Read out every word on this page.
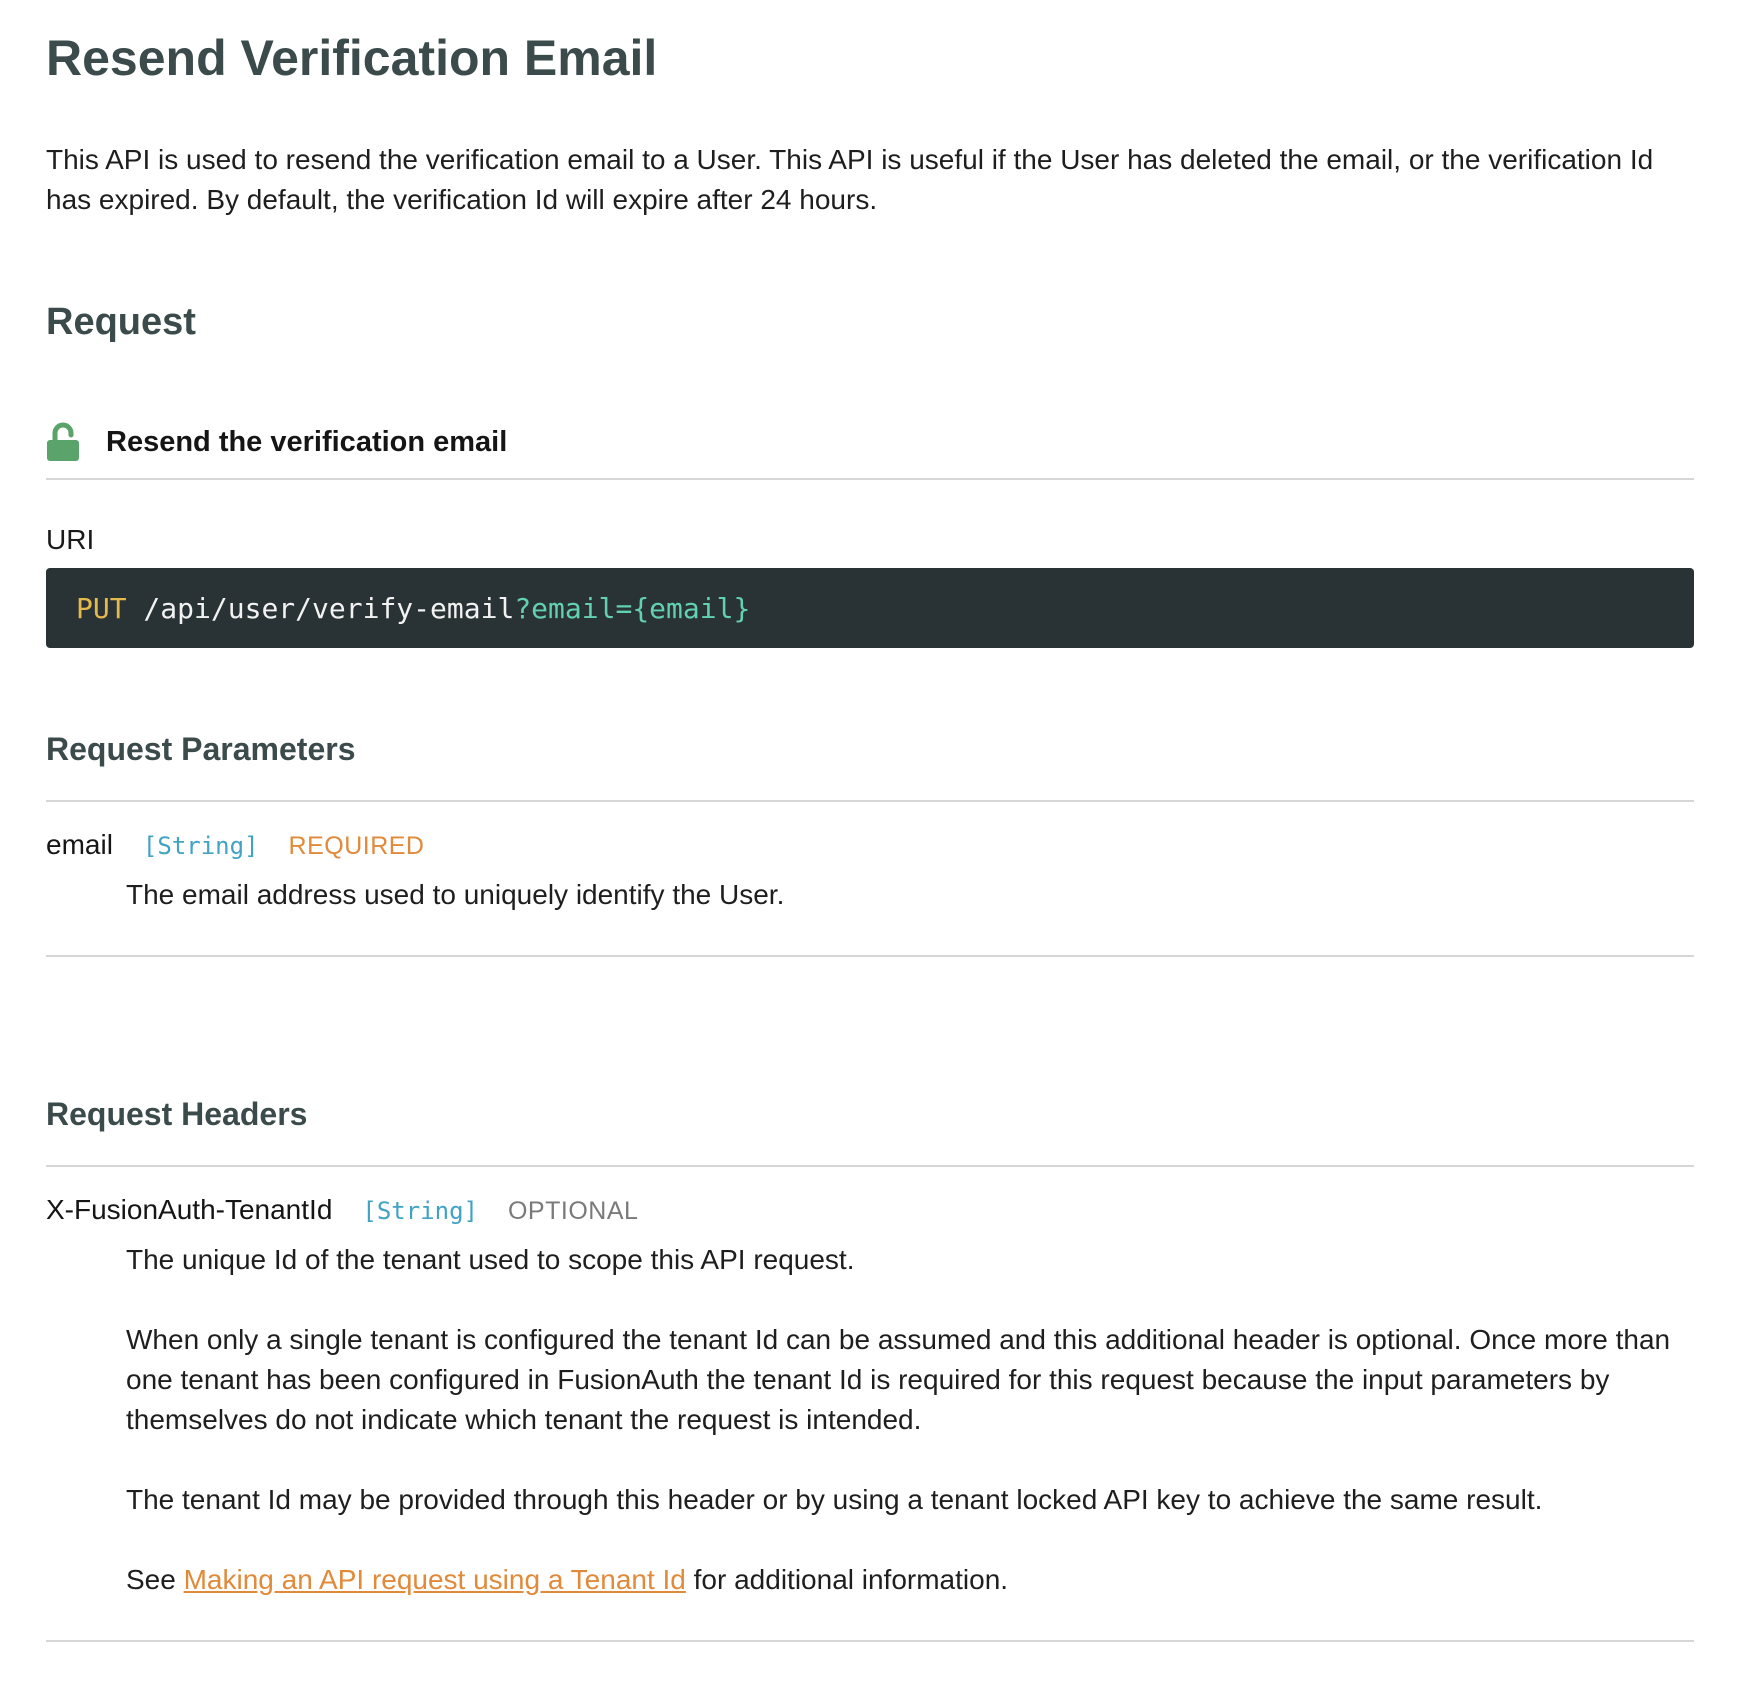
Resend Verification Email

This API is used to resend the verification email to a User. This API is useful if the User has deleted the email, or the verification Id has expired. By default, the verification Id will expire after 24 hours.

Request
Resend the verification email
URI
PUT /api/user/verify-email ?email={email}
Request Parameters
email [String] REQUIRED

The email address used to uniquely identify the User.

Request Headers
X-FusionAuth-TenantId [String] OPTIONAL

The unique Id of the tenant used to scope this API request.

When only a single tenant is configured the tenant Id can be assumed and this additional header is optional. Once more than one tenant has been configured in FusionAuth the tenant Id is required for this request because the input parameters by themselves do not indicate which tenant the request is intended.

The tenant Id may be provided through this header or by using a tenant locked API key to achieve the same result.

See Making an API request using a Tenant Id for additional information.
